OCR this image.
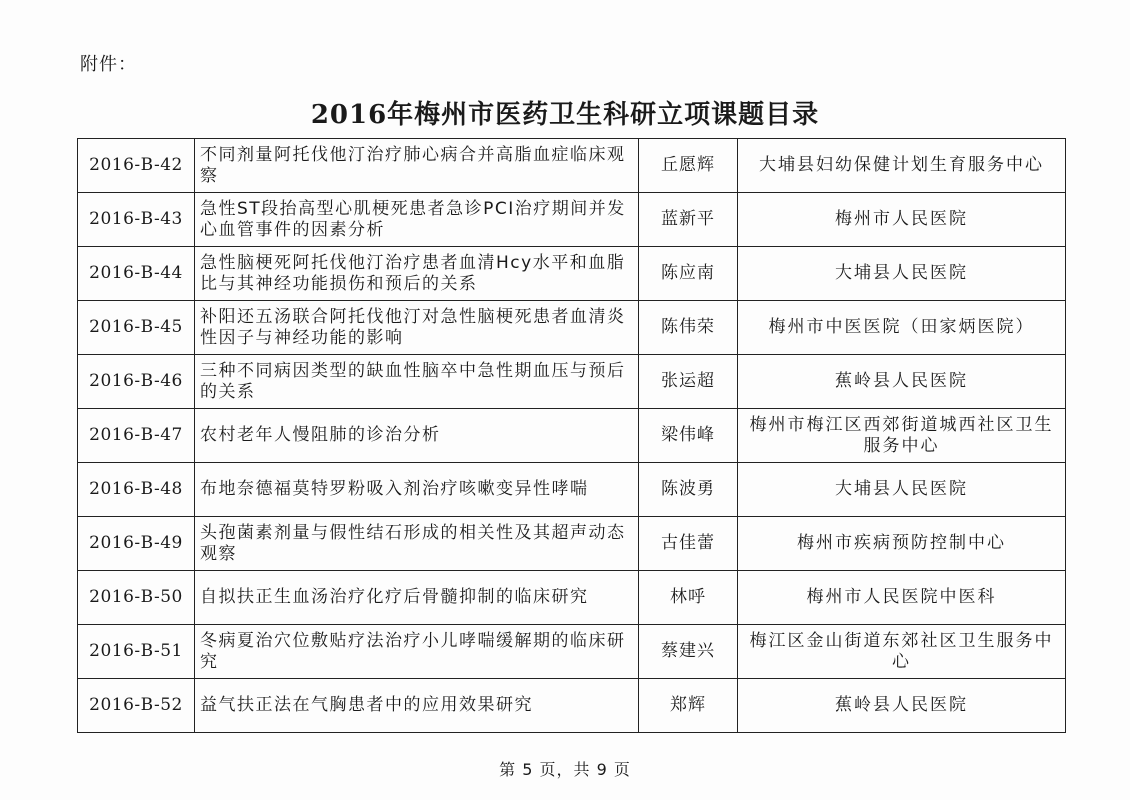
附件：
2016年梅州市医药卫生科研立项课题目录
2016-B-42	不同剂量阿托伐他汀治疗肺心病合并高脂血症临床观察	丘愿辉	大埔县妇幼保健计划生育服务中心
2016-B-43	急性ST段抬高型心肌梗死患者急诊PCI治疗期间并发心血管事件的因素分析	蓝新平	梅州市人民医院
2016-B-44	急性脑梗死阿托伐他汀治疗患者血清Hcy水平和血脂比与其神经功能损伤和预后的关系	陈应南	大埔县人民医院
2016-B-45	补阳还五汤联合阿托伐他汀对急性脑梗死患者血清炎性因子与神经功能的影响	陈伟荣	梅州市中医医院（田家炳医院）
2016-B-46	三种不同病因类型的缺血性脑卒中急性期血压与预后的关系	张运超	蕉岭县人民医院
2016-B-47	农村老年人慢阻肺的诊治分析	梁伟峰	梅州市梅江区西郊街道城西社区卫生服务中心
2016-B-48	布地奈德福莫特罗粉吸入剂治疗咳嗽变异性哮喘	陈波勇	大埔县人民医院
2016-B-49	头孢菌素剂量与假性结石形成的相关性及其超声动态观察	古佳蕾	梅州市疾病预防控制中心
2016-B-50	自拟扶正生血汤治疗化疗后骨髓抑制的临床研究	林呼	梅州市人民医院中医科
2016-B-51	冬病夏治穴位敷贴疗法治疗小儿哮喘缓解期的临床研究	蔡建兴	梅江区金山街道东郊社区卫生服务中心
2016-B-52	益气扶正法在气胸患者中的应用效果研究	郑辉	蕉岭县人民医院
第 5 页，共 9 页
